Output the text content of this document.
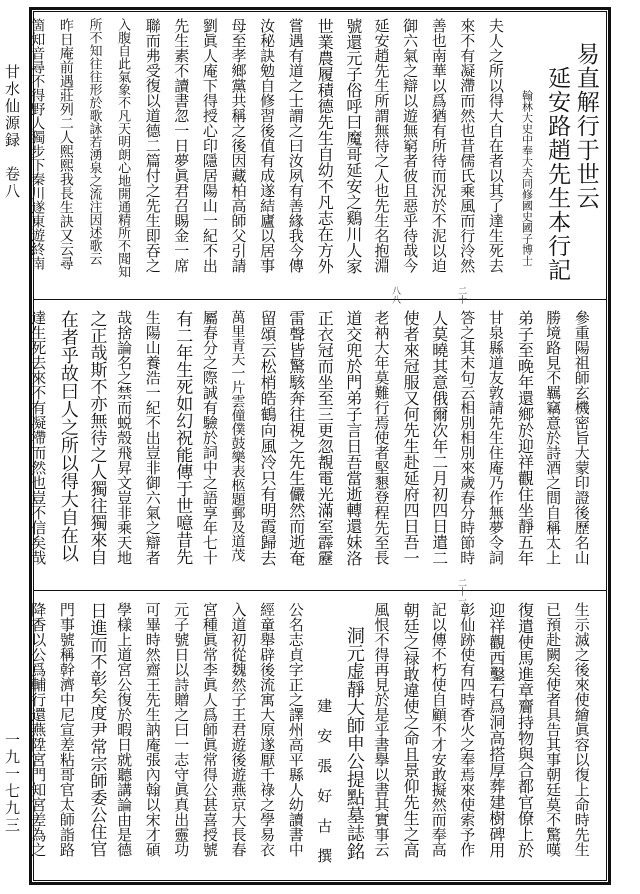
甘水仙源録　卷八
一九一七九三
八八	二十
二十一
易直解行于世云
延安路趙先生本行記
翰林大史中奉大夫同修國史國子博士
夫人之所以得大自在者以其了達生死去
來不有凝滯而然也昔儒氏乘風而行泠然
善也南華以爲猶有所待而況於不泥以迫
御六氣之辯以遊無窮者彼且惡乎待哉今
延安趙先生所謂無待之人也先生名抱淵
號還元子俗呼曰魔哥延安之鷄川人家
世業農履積德先生自幼不凡志在方外
嘗遇有道之士謂之曰汝夙有善緣我今傳
汝秘訣勉自修習後值有成遂結廬以居事
母至孝鄉黨共稱之後因藏柏高師父引請
劉眞人庵下得授心印隱居陽山一紀不出
先生素不讀書忽一日夢眞君召賜金一席
聯而弗受復以道德二篇付之先生即吞之
入腹自此氣象不凡天明朗心地開通精所不聞知
所不知往往形於歌詠若湧泉之流注因述歌云
昨日庵前遇莊列二人熙熙我長生訣又云尋
箇知音尋不得野人獨步下秦川遂東遊終南
參重陽祖師玄機密旨大蒙印證後歷名山
勝境路見不羈竊意於詩酒之間自稱太上
弟子至晚年還鄉於迎祥觀住坐靜五年
甘泉縣道友敦請先生住庵乃作無夢令詞
答之其末句云相別相別來歲春分時節時
人莫曉其意俄爾次年二月初四日遣二
使者來冠服又何先生赴延府四日吾一
老衲大年莫難行焉使者堅懇登程先至長
道交兜於門弟子言日吾當逝轉還妹洛
正衣冠而坐至三更忽覩電光滿室霹靂
雷聲皆驚駭奔往視之先生儼然而逝奄
留頌云松梢皓鶴向風冷只有明霞歸去
萬里青天一片雲僮僕鼓樂表柩題郵及道茂
屬春分之際誠有驗於詞中之語享年七十
有二年生死如幻祝能傳于世噫昔先
生陽山養浩一紀不出豈非御六氣之辯者
哉捨論名之禁而蜕殼飛昇文豈非乘天地
之正哉斯不亦無待之人獨往獨來自
在者乎故曰人之所以得大自在以
達生死去來不有凝滯而然也豈不信矣哉
生示滅之後來使繪眞容以復上命時先生
已預赴闕矣使者具告其事朝廷莫不驚嘆
復遣使馬進章齎持物與合都官僚上於
迎祥觀西鑿石爲洞高搭厚葬建樹碑用
彰仙跡使有四時香火之奉焉來使索予作
記以傳不朽使自顧不才安敢擬然而奉高
朝廷之禄敢違使之命且景仰先生之高
風恨不得再見於是乎書擧以書其實事云
洞元虚靜大師申公提點墓誌銘
建　安　張　好　古　撰
公名志貞字正之譯州高平縣人幼讀書中
經童舉辟後流寓大原遂厭千祿之學易衣
入道初從魏然子王君遊後遊燕京大長春
宮種眞常李眞人爲師眞常得公甚喜授號
元子號日以詩贈之曰一志守眞真出靈功
可畢時然齋王先生訥庵張內翰以宋才碩
學樣上道宮公復於暇日就聽講論由是德
日進而不彰矣度尹常宗師委公住官
門事號稱幹濟中尼宣差粘哥官太師詣路
降香以公爲輔行還燕陞宮門知宮差為之
